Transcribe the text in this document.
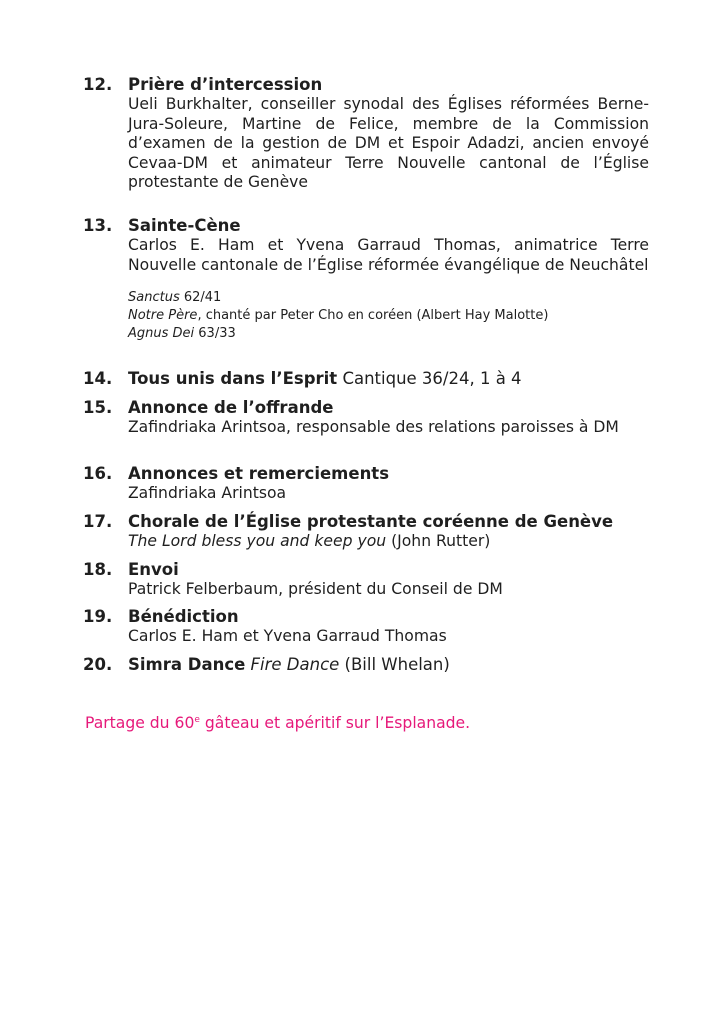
12. Prière d’intercession
Ueli Burkhalter, conseiller synodal des Églises réformées Berne-Jura-Soleure, Martine de Felice, membre de la Commission d’examen de la gestion de DM et Espoir Adadzi, ancien envoyé Cevaa-DM et animateur Terre Nouvelle cantonal de l’Église protestante de Genève
13. Sainte-Cène
Carlos E. Ham et Yvena Garraud Thomas, animatrice Terre Nouvelle cantonale de l’Église réformée évangélique de Neuchâtel
Sanctus 62/41
Notre Père, chanté par Peter Cho en coréen (Albert Hay Malotte)
Agnus Dei 63/33
14. Tous unis dans l’Esprit Cantique 36/24, 1 à 4
15. Annonce de l’offrande
Zafindriaka Arintsoa, responsable des relations paroisses à DM
16. Annonces et remerciements
Zafindriaka Arintsoa
17. Chorale de l’Église protestante coréenne de Genève
The Lord bless you and keep you (John Rutter)
18. Envoi
Patrick Felberbaum, président du Conseil de DM
19. Bénédiction
Carlos E. Ham et Yvena Garraud Thomas
20. Simra Dance Fire Dance (Bill Whelan)
Partage du 60e gâteau et apéritif sur l’Esplanade.
